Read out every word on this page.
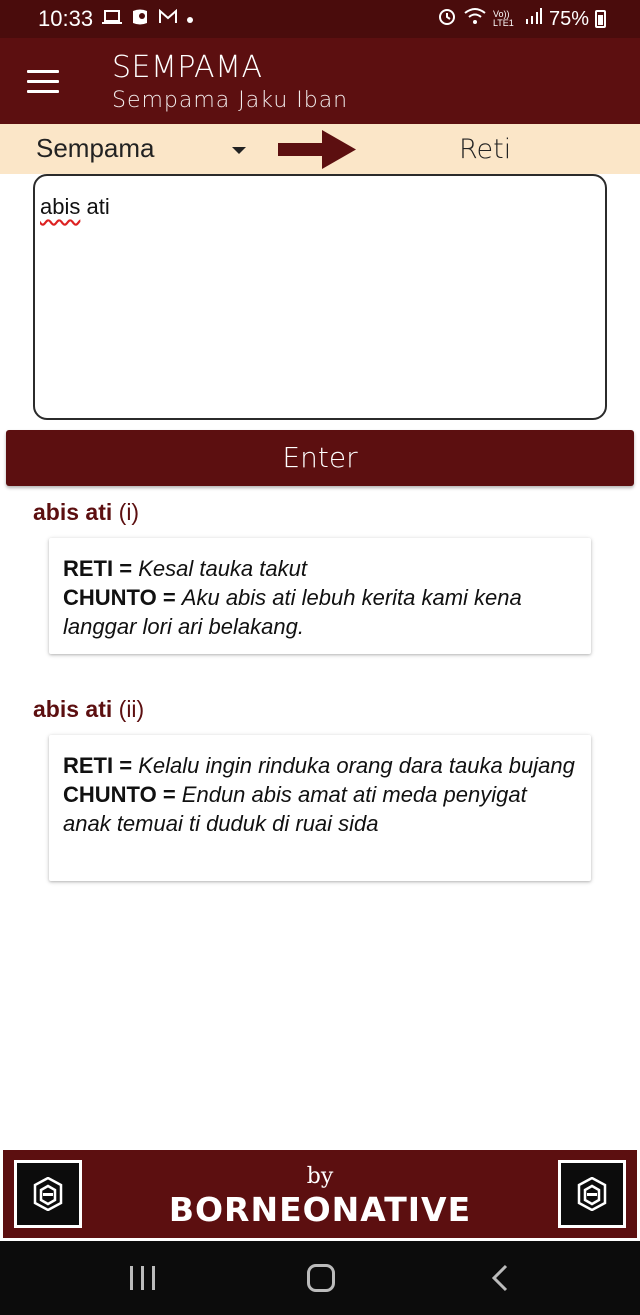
10:33	Vo)) LTE1 75%
SEMPAMA
Sempama Jaku Iban
Sempama	Reti
abis ati
Enter
abis ati (i)
RETI = Kesal tauka takut
CHUNTO = Aku abis ati lebuh kerita kami kena langgar lori ari belakang.
abis ati (ii)
RETI = Kelalu ingin rinduka orang dara tauka bujang
CHUNTO = Endun abis amat ati meda penyigat anak temuai ti duduk di ruai sida
by
BORNEONATIVE
